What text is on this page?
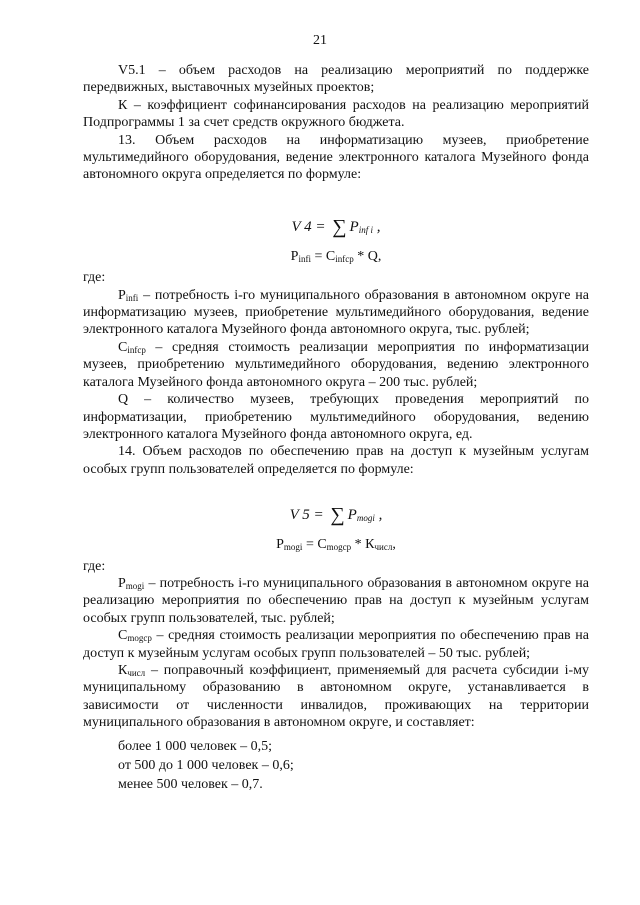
21

V5.1 – объем расходов на реализацию мероприятий по поддержке передвижных, выставочных музейных проектов;

К – коэффициент софинансирования расходов на реализацию мероприятий Подпрограммы 1 за счет средств окружного бюджета.

13. Объем расходов на информатизацию музеев, приобретение мультимедийного оборудования, ведение электронного каталога Музейного фонда автономного округа определяется по формуле:

V 4 = ∑ $P_{inf i}$ ,

$P_{infi} = С_{infср} * Q$,

где:

$P_{infi}$ – потребность i-го муниципального образования в автономном округе на информатизацию музеев, приобретение мультимедийного оборудования, ведение электронного каталога Музейного фонда автономного округа, тыс. рублей;

$С_{infср}$ – средняя стоимость реализации мероприятия по информатизации музеев, приобретению мультимедийного оборудования, ведению электронного каталога Музейного фонда автономного округа – 200 тыс. рублей;

Q – количество музеев, требующих проведения мероприятий по информатизации, приобретению мультимедийного оборудования, ведению электронного каталога Музейного фонда автономного округа, ед.

14. Объем расходов по обеспечению прав на доступ к музейным услугам особых групп пользователей определяется по формуле:

V 5 = ∑ $P_{mogi}$ ,

$P_{mogi} = С_{mogср} * К_{числ}$,

где:

$P_{mogi}$ – потребность i-го муниципального образования в автономном округе на реализацию мероприятия по обеспечению прав на доступ к музейным услугам особых групп пользователей, тыс. рублей;

$С_{mogср}$ – средняя стоимость реализации мероприятия по обеспечению прав на доступ к музейным услугам особых групп пользователей – 50 тыс. рублей;

$К_{числ}$ – поправочный коэффициент, применяемый для расчета субсидии i-му муниципальному образованию в автономном округе, устанавливается в зависимости от численности инвалидов, проживающих на территории муниципального образования в автономном округе, и составляет:

более 1 000 человек – 0,5;

от 500 до 1 000 человек – 0,6;

менее 500 человек – 0,7.
